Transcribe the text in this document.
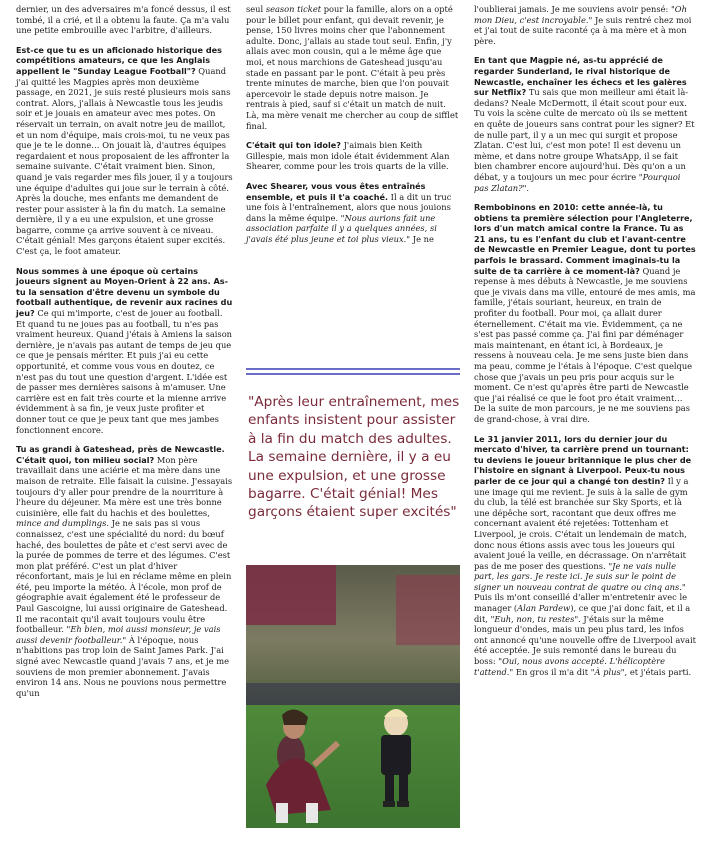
dernier, un des adversaires m'a foncé dessus, il est tombé, il a crié, et il a obtenu la faute. Ça m'a valu une petite embrouille avec l'arbitre, d'ailleurs.

Est-ce que tu es un aficionado historique des compétitions amateurs, ce que les Anglais appellent le "Sunday League Football"? Quand j'ai quitté les Magpies après mon deuxième passage, en 2021, je suis resté plusieurs mois sans contrat. Alors, j'allais à Newcastle tous les jeudis soir et je jouais en amateur avec mes potes. On réservait un terrain, on avait notre jeu de maillot, et un nom d'équipe, mais crois-moi, tu ne veux pas que je te le donne… On jouait là, d'autres équipes regardaient et nous proposaient de les affronter la semaine suivante. C'était vraiment bien. Sinon, quand je vais regarder mes fils jouer, il y a toujours une équipe d'adultes qui joue sur le terrain à côté. Après la douche, mes enfants me demandent de rester pour assister à la fin du match. La semaine dernière, il y a eu une expulsion, et une grosse bagarre, comme ça arrive souvent à ce niveau. C'était génial! Mes garçons étaient super excités. C'est ça, le foot amateur.

Nous sommes à une époque où certains joueurs signent au Moyen-Orient à 22 ans. As-tu la sensation d'être devenu un symbole du football authentique, de revenir aux racines du jeu? Ce qui m'importe, c'est de jouer au football. Et quand tu ne joues pas au football, tu n'es pas vraiment heureux. Quand j'étais à Amiens la saison dernière, je n'avais pas autant de temps de jeu que ce que je pensais mériter. Et puis j'ai eu cette opportunité, et comme vous vous en doutez, ce n'est pas du tout une question d'argent. L'idée est de passer mes dernières saisons à m'amuser. Une carrière est en fait très courte et la mienne arrive évidemment à sa fin, je veux juste profiter et donner tout ce que je peux tant que mes jambes fonctionnent encore.

Tu as grandi à Gateshead, près de Newcastle. C'était quoi, ton milieu social? Mon père travaillait dans une aciérie et ma mère dans une maison de retraite. Elle faisait la cuisine. J'essayais toujours d'y aller pour prendre de la nourriture à l'heure du déjeuner. Ma mère est une très bonne cuisinière, elle fait du hachis et des boulettes, mince and dumplings. Je ne sais pas si vous connaissez, c'est une spécialité du nord: du bœuf haché, des boulettes de pâte et c'est servi avec de la purée de pommes de terre et des légumes. C'est mon plat préféré. C'est un plat d'hiver réconfortant, mais je lui en réclame même en plein été, peu importe la météo. À l'école, mon prof de géographie avait également été le professeur de Paul Gascoigne, lui aussi originaire de Gateshead. Il me racontait qu'il avait toujours voulu être footballeur. "Eh bien, moi aussi monsieur, je vais aussi devenir footballeur." À l'époque, nous n'habitions pas trop loin de Saint James Park. J'ai signé avec Newcastle quand j'avais 7 ans, et je me souviens de mon premier abonnement. J'avais environ 14 ans. Nous ne pouvions nous permettre qu'un

seul season ticket pour la famille, alors on a opté pour le billet pour enfant, qui devait revenir, je pense, 150 livres moins cher que l'abonnement adulte. Donc, j'allais au stade tout seul. Enfin, j'y allais avec mon cousin, qui a le même âge que moi, et nous marchions de Gateshead jusqu'au stade en passant par le pont. C'était à peu près trente minutes de marche, bien que l'on pouvait apercevoir le stade depuis notre maison. Je rentrais à pied, sauf si c'était un match de nuit. Là, ma mère venait me chercher au coup de sifflet final.

C'était qui ton idole? J'aimais bien Keith Gillespie, mais mon idole était évidemment Alan Shearer, comme pour les trois quarts de la ville.

Avec Shearer, vous vous êtes entraînés ensemble, et puis il t'a coaché. Il a dit un truc une fois à l'entraînement, alors que nous jouions dans la même équipe. "Nous aurions fait une association parfaite il y a quelques années, si j'avais été plus jeune et toi plus vieux." Je ne

"Après leur entraînement, mes enfants insistent pour assister à la fin du match des adultes. La semaine dernière, il y a eu une expulsion, et une grosse bagarre. C'était génial! Mes garçons étaient super excités"

l'oublierai jamais. Je me souviens avoir pensé: "Oh mon Dieu, c'est incroyable." Je suis rentré chez moi et j'ai tout de suite raconté ça à ma mère et à mon père.

En tant que Magpie né, as-tu apprécié de regarder Sunderland, le rival historique de Newcastle, enchaîner les échecs et les galères sur Netflix? Tu sais que mon meilleur ami était là-dedans? Neale McDermott, il était scout pour eux. Tu vois la scène culte de mercato où ils se mettent en quête de joueurs sans contrat pour les signer? Et de nulle part, il y a un mec qui surgit et propose Zlatan. C'est lui, c'est mon pote! Il est devenu un mème, et dans notre groupe WhatsApp, il se fait bien chambrer encore aujourd'hui. Dès qu'on a un débat, y a toujours un mec pour écrire "Pourquoi pas Zlatan?".

Rembobinons en 2010: cette année-là, tu obtiens ta première sélection pour l'Angleterre, lors d'un match amical contre la France. Tu as 21 ans, tu es l'enfant du club et l'avant-centre de Newcastle en Premier League, dont tu portes parfois le brassard. Comment imaginais-tu la suite de ta carrière à ce moment-là? Quand je repense à mes débuts à Newcastle, je me souviens que je vivais dans ma ville, entouré de mes amis, ma famille, j'étais souriant, heureux, en train de profiter du football. Pour moi, ça allait durer éternellement. C'était ma vie. Évidemment, ça ne s'est pas passé comme ça. J'ai fini par déménager mais maintenant, en étant ici, à Bordeaux, je ressens à nouveau cela. Je me sens juste bien dans ma peau, comme je l'étais à l'époque. C'est quelque chose que j'avais un peu pris pour acquis sur le moment. Ce n'est qu'après être parti de Newcastle que j'ai réalisé ce que le foot pro était vraiment… De la suite de mon parcours, je ne me souviens pas de grand-chose, à vrai dire.

Le 31 janvier 2011, lors du dernier jour du mercato d'hiver, ta carrière prend un tournant: tu deviens le joueur britannique le plus cher de l'histoire en signant à Liverpool. Peux-tu nous parler de ce jour qui a changé ton destin? Il y a une image qui me revient. Je suis à la salle de gym du club, la télé est branchée sur Sky Sports, et là une dépêche sort, racontant que deux offres me concernant avaient été rejetées: Tottenham et Liverpool, je crois. C'était un lendemain de match, donc nous étions assis avec tous les joueurs qui avaient joué la veille, en décrassage. On n'arrêtait pas de me poser des questions. "Je ne vais nulle part, les gars. Je reste ici. Je suis sur le point de signer un nouveau contrat de quatre ou cinq ans." Puis ils m'ont conseillé d'aller m'entretenir avec le manager (Alan Pardew), ce que j'ai donc fait, et il a dit, "Euh, non, tu restes". J'étais sur la même longueur d'ondes, mais un peu plus tard, les infos ont annoncé qu'une nouvelle offre de Liverpool avait été acceptée. Je suis remonté dans le bureau du boss: "Oui, nous avons accepté. L'hélicoptère t'attend." En gros il m'a dit "À plus", et j'étais parti.
